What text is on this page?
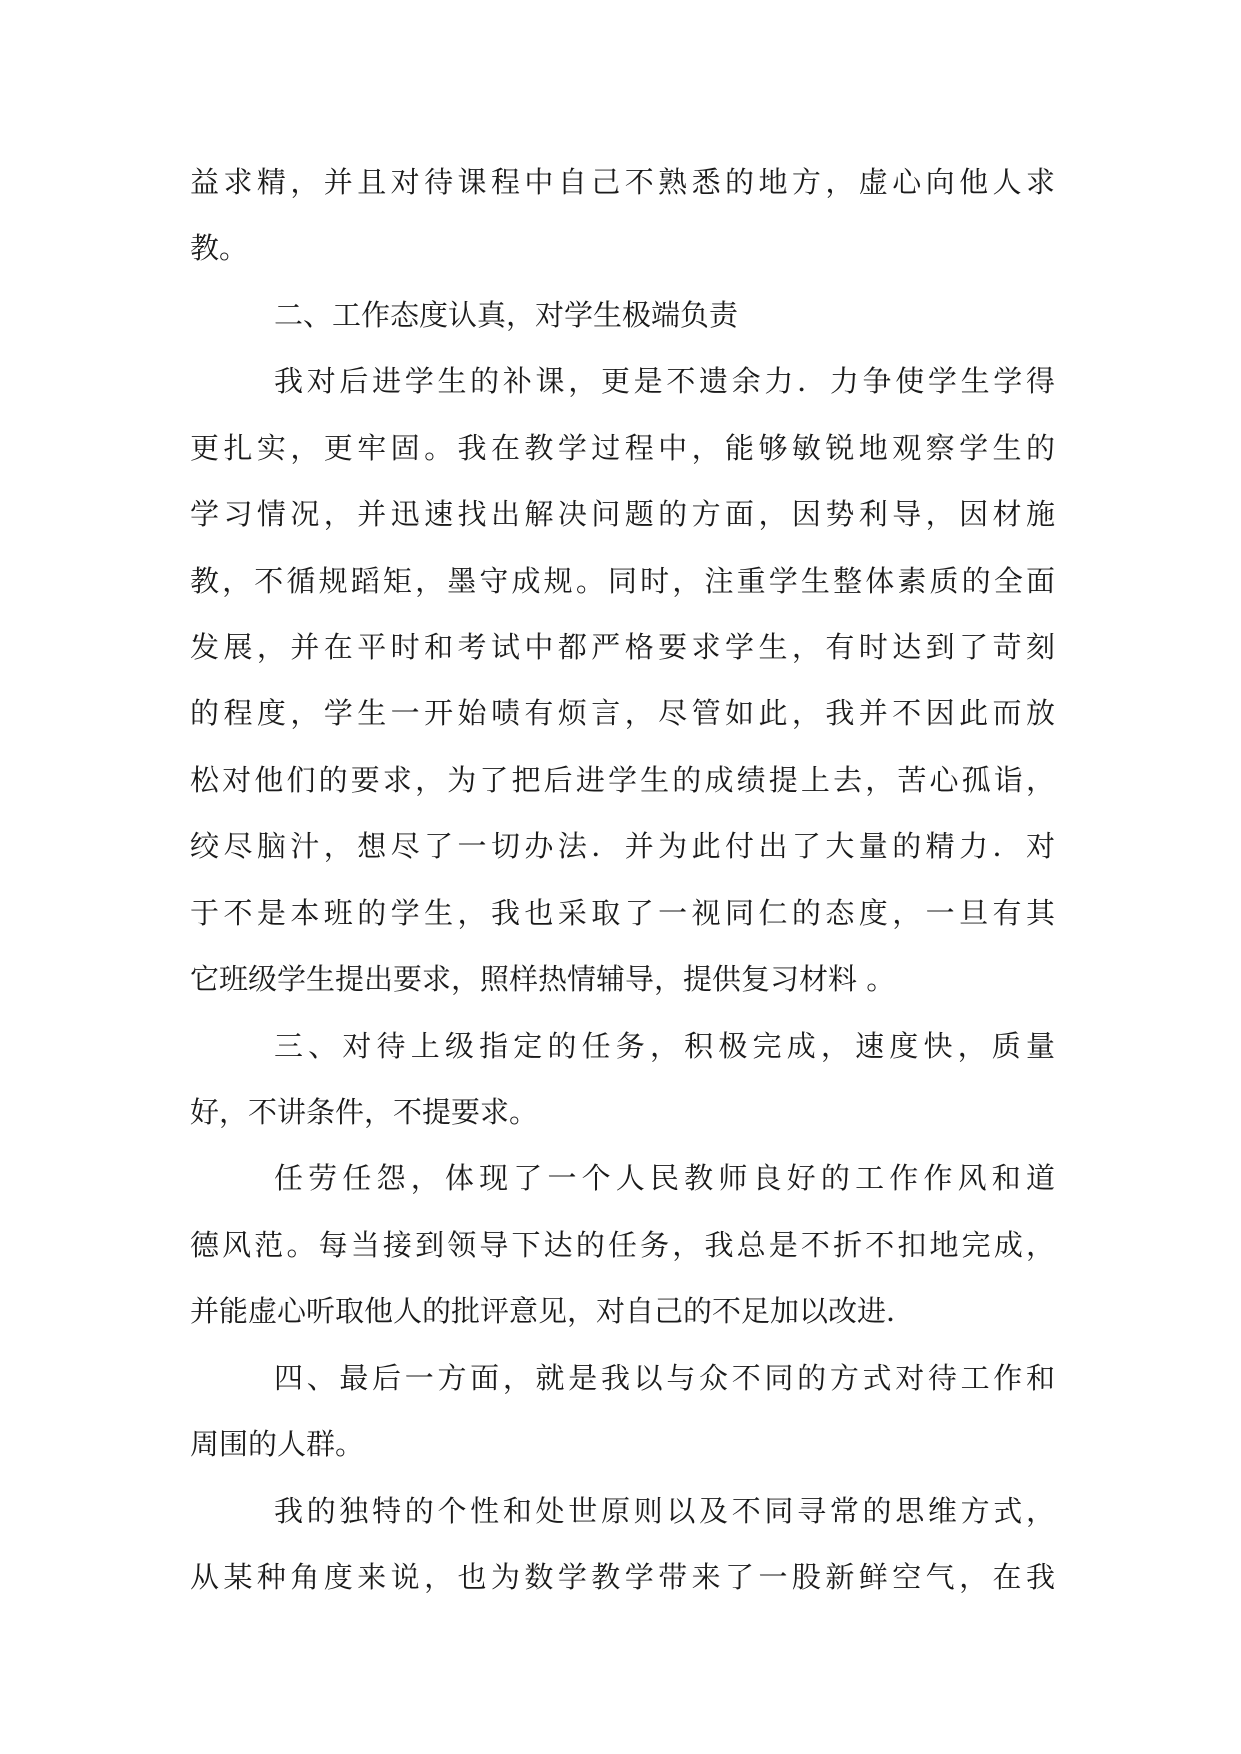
益求精，并且对待课程中自己不熟悉的地方，虚心向他人求

教。

二、工作态度认真，对学生极端负责

我对后进学生的补课，更是不遗余力．力争使学生学得

更扎实，更牢固。我在教学过程中，能够敏锐地观察学生的

学习情况，并迅速找出解决问题的方面，因势利导，因材施

教，不循规蹈矩，墨守成规。同时，注重学生整体素质的全面

发展，并在平时和考试中都严格要求学生，有时达到了苛刻

的程度，学生一开始啧有烦言，尽管如此，我并不因此而放

松对他们的要求，为了把后进学生的成绩提上去，苦心孤诣，

绞尽脑汁，想尽了一切办法．并为此付出了大量的精力．对

于不是本班的学生，我也采取了一视同仁的态度，一旦有其

它班级学生提出要求，照样热情辅导，提供复习材料 。

三、对待上级指定的任务，积极完成，速度快，质量

好，不讲条件，不提要求。

任劳任怨，体现了一个人民教师良好的工作作风和道

德风范。每当接到领导下达的任务，我总是不折不扣地完成，

并能虚心听取他人的批评意见，对自己的不足加以改进．

四、最后一方面，就是我以与众不同的方式对待工作和

周围的人群。

我的独特的个性和处世原则以及不同寻常的思维方式，

从某种角度来说，也为数学教学带来了一股新鲜空气，在我
